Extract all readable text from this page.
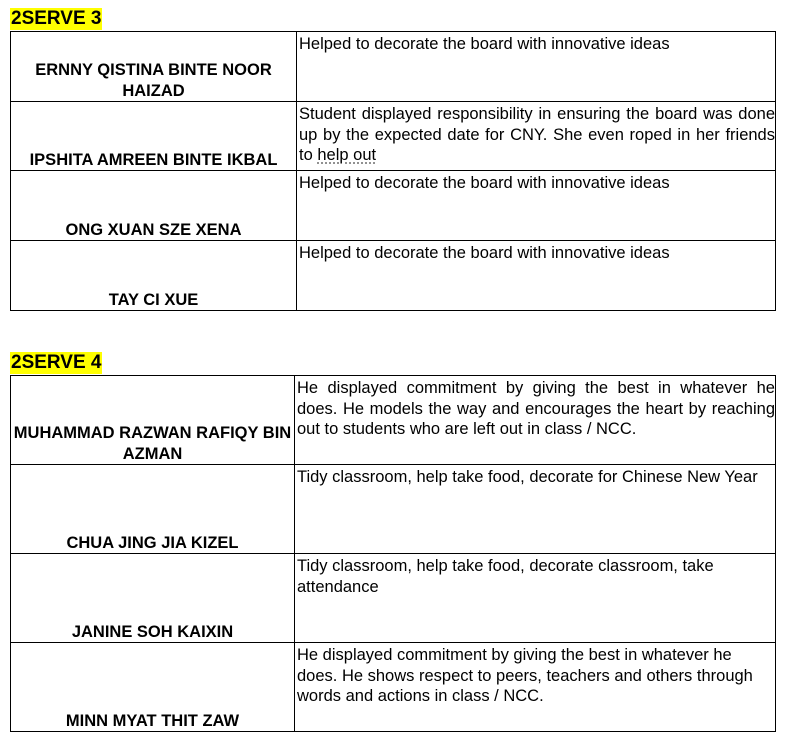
2SERVE 3
ERNNY QISTINA BINTE NOOR HAIZAD	Helped to decorate the board with innovative ideas
IPSHITA AMREEN BINTE IKBAL	Student displayed responsibility in ensuring the board was done up by the expected date for CNY. She even roped in her friends to help out
ONG XUAN SZE XENA	Helped to decorate the board with innovative ideas
TAY CI XUE	Helped to decorate the board with innovative ideas
2SERVE 4
MUHAMMAD RAZWAN RAFIQY BIN AZMAN	He displayed commitment by giving the best in whatever he does. He models the way and encourages the heart by reaching out to students who are left out in class / NCC.
CHUA JING JIA KIZEL	Tidy classroom, help take food, decorate for Chinese New Year
JANINE SOH KAIXIN	Tidy classroom, help take food, decorate classroom, take attendance
MINN MYAT THIT ZAW	He displayed commitment by giving the best in whatever he does. He shows respect to peers, teachers and others through words and actions in class / NCC.
